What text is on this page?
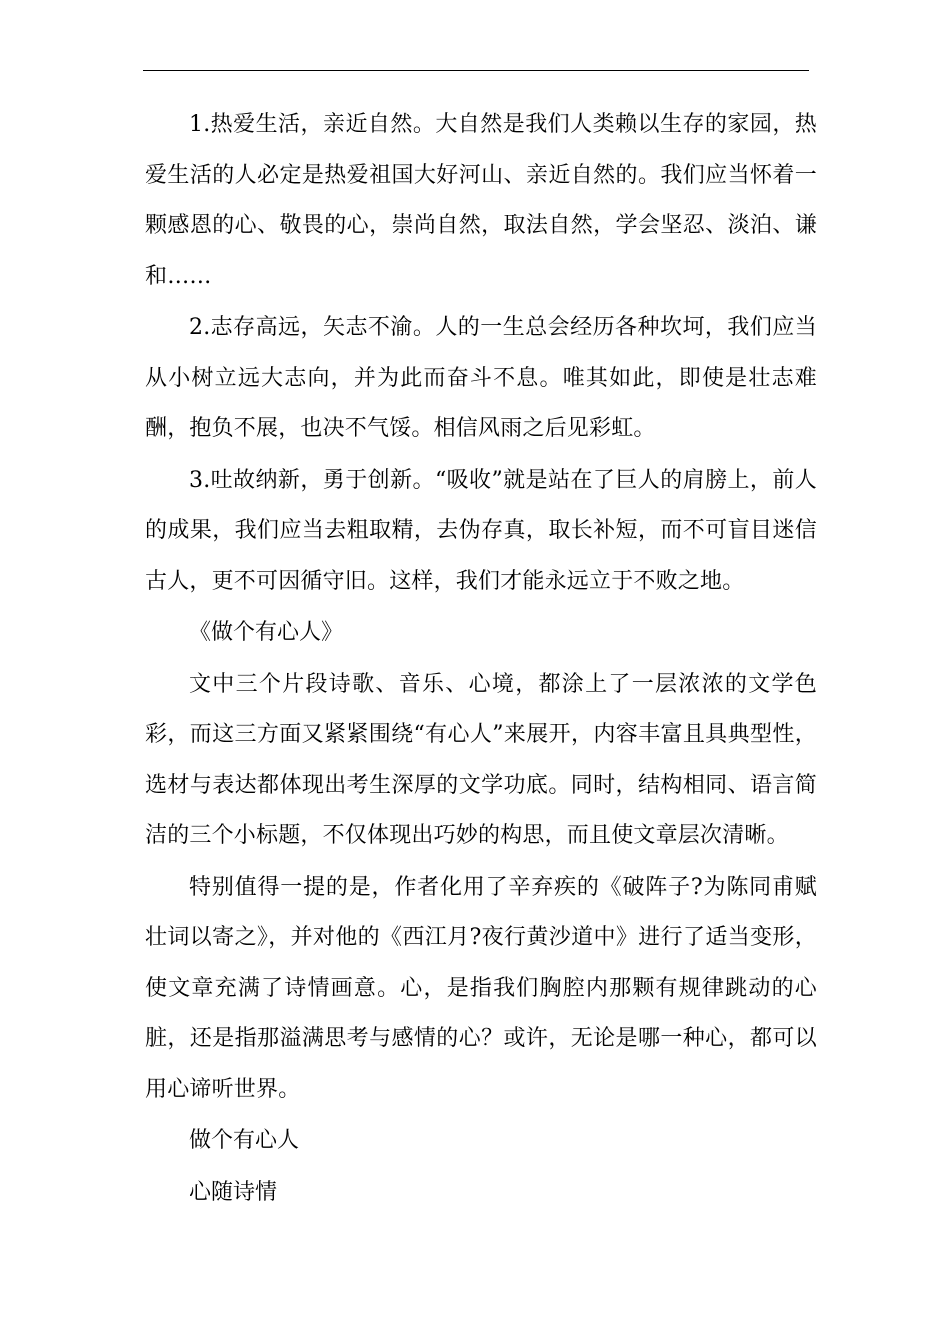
1.热爱生活，亲近自然。大自然是我们人类赖以生存的家园，热爱生活的人必定是热爱祖国大好河山、亲近自然的。我们应当怀着一颗感恩的心、敬畏的心，崇尚自然，取法自然，学会坚忍、淡泊、谦和……

2.志存高远，矢志不渝。人的一生总会经历各种坎坷，我们应当从小树立远大志向，并为此而奋斗不息。唯其如此，即使是壮志难酬，抱负不展，也决不气馁。相信风雨之后见彩虹。

3.吐故纳新，勇于创新。“吸收”就是站在了巨人的肩膀上，前人的成果，我们应当去粗取精，去伪存真，取长补短，而不可盲目迷信古人，更不可因循守旧。这样，我们才能永远立于不败之地。

《做个有心人》

文中三个片段诗歌、音乐、心境，都涂上了一层浓浓的文学色彩，而这三方面又紧紧围绕“有心人”来展开，内容丰富且具典型性，选材与表达都体现出考生深厚的文学功底。同时，结构相同、语言简洁的三个小标题，不仅体现出巧妙的构思，而且使文章层次清晰。

特别值得一提的是，作者化用了辛弃疾的《破阵子?为陈同甫赋壮词以寄之》，并对他的《西江月?夜行黄沙道中》进行了适当变形，使文章充满了诗情画意。心，是指我们胸腔内那颗有规律跳动的心脏，还是指那溢满思考与感情的心？或许，无论是哪一种心，都可以用心谛听世界。

做个有心人

心随诗情
